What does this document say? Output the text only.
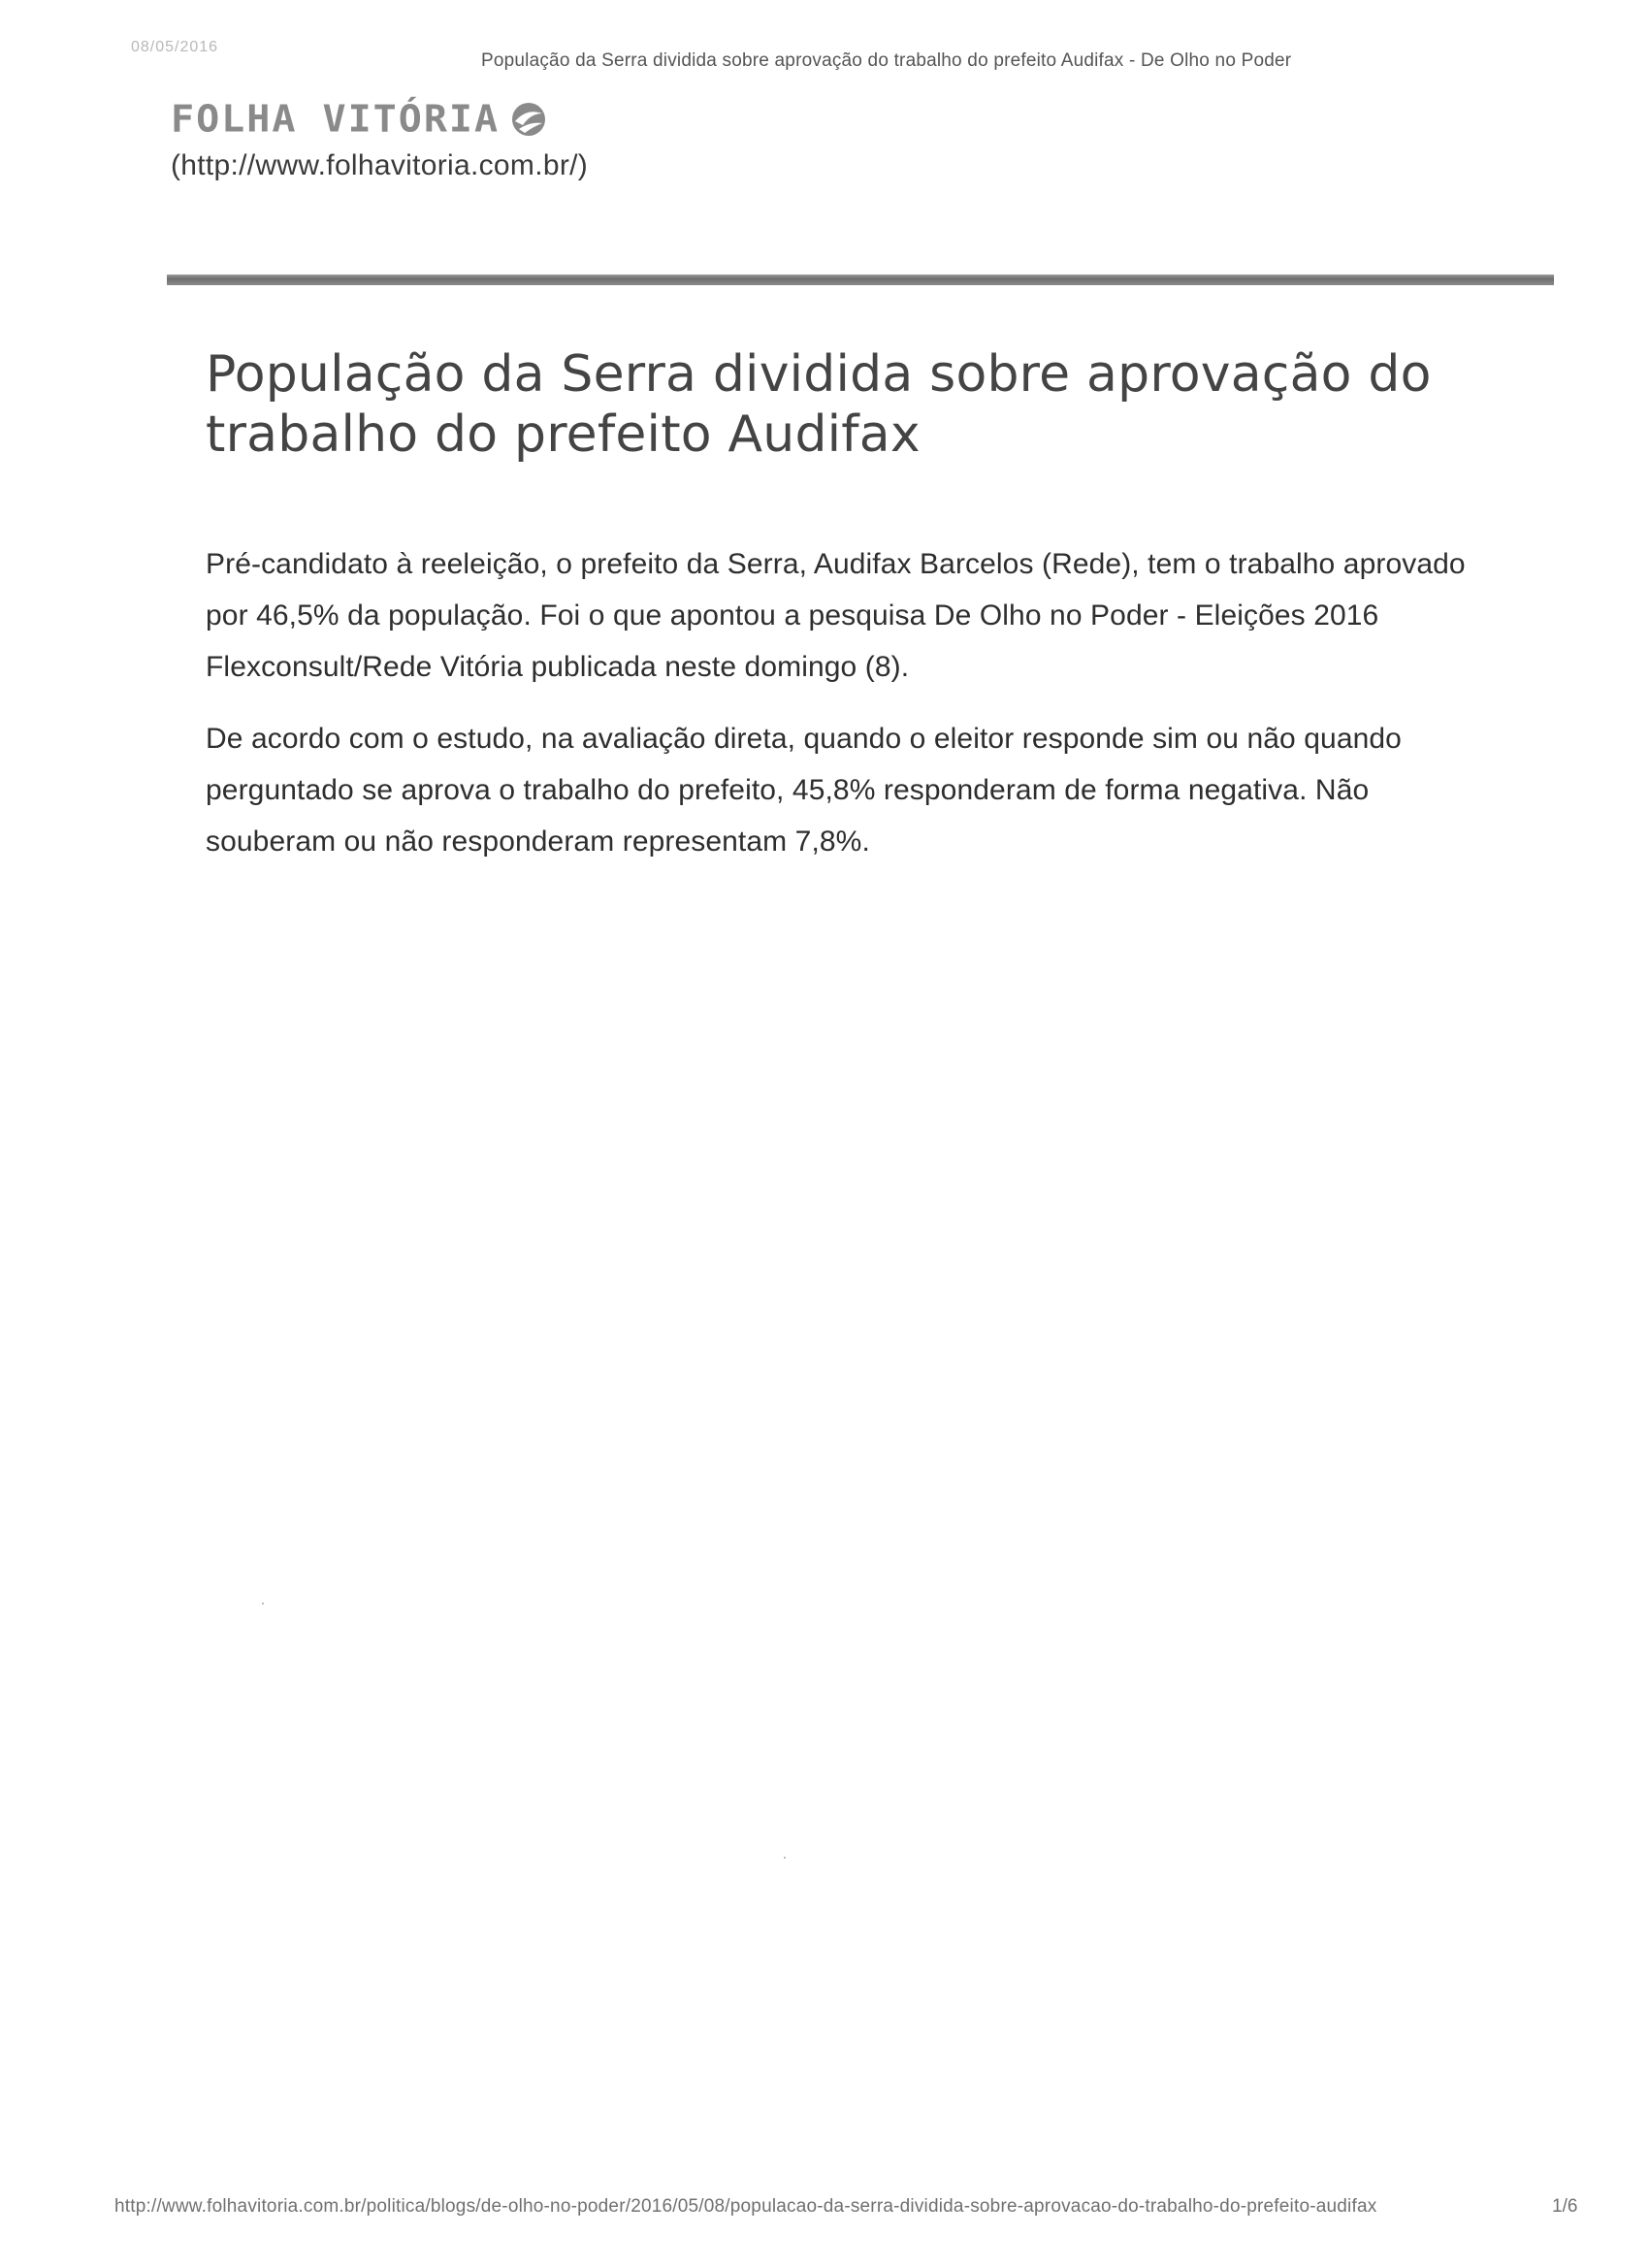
08/05/2016
População da Serra dividida sobre aprovação do trabalho do prefeito Audifax - De Olho no Poder
FOLHA VITÓRIA
(http://www.folhavitoria.com.br/)
População da Serra dividida sobre aprovação do trabalho do prefeito Audifax

Pré-candidato à reeleição, o prefeito da Serra, Audifax Barcelos (Rede), tem o trabalho aprovado por 46,5% da população. Foi o que apontou a pesquisa De Olho no Poder - Eleições 2016 Flexconsult/Rede Vitória publicada neste domingo (8).

De acordo com o estudo, na avaliação direta, quando o eleitor responde sim ou não quando perguntado se aprova o trabalho do prefeito, 45,8% responderam de forma negativa. Não souberam ou não responderam representam 7,8%.

http://www.folhavitoria.com.br/politica/blogs/de-olho-no-poder/2016/05/08/populacao-da-serra-dividida-sobre-aprovacao-do-trabalho-do-prefeito-audifax	1/6
